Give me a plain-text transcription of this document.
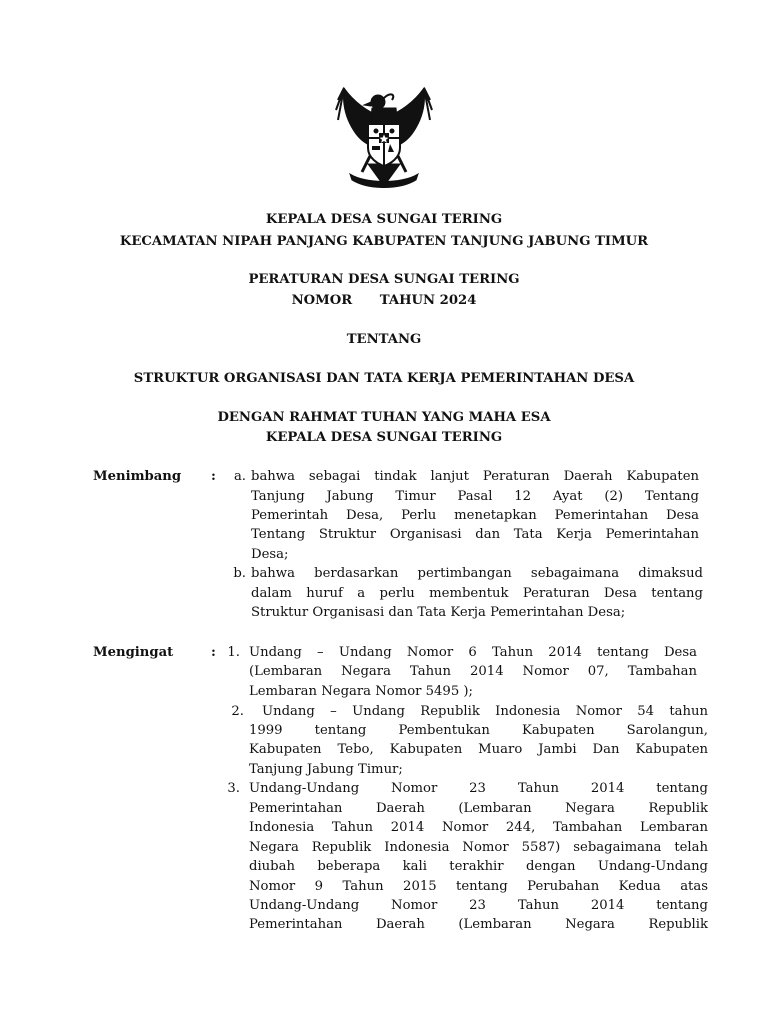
KEPALA DESA SUNGAI TERING
KECAMATAN NIPAH PANJANG KABUPATEN TANJUNG JABUNG TIMUR
PERATURAN DESA SUNGAI TERING
NOMOR      TAHUN 2024
TENTANG
STRUKTUR ORGANISASI DAN TATA KERJA PEMERINTAHAN DESA
DENGAN RAHMAT TUHAN YANG MAHA ESA
KEPALA DESA SUNGAI TERING
Menimbang :	a. bahwa sebagai tindak lanjut Peraturan Daerah Kabupaten
Tanjung Jabung Timur Pasal 12 Ayat (2) Tentang
Pemerintah Desa, Perlu menetapkan Pemerintahan Desa
Tentang Struktur Organisasi dan Tata Kerja Pemerintahan
Desa;
b. bahwa berdasarkan pertimbangan sebagaimana dimaksud
dalam huruf a perlu membentuk Peraturan Desa tentang
Struktur Organisasi dan Tata Kerja Pemerintahan Desa;
Mengingat	: 1. Undang – Undang Nomor 6 Tahun 2014 tentang Desa
(Lembaran Negara Tahun 2014 Nomor 07, Tambahan
Lembaran Negara Nomor 5495 );
2. Undang – Undang Republik Indonesia Nomor 54 tahun
1999 tentang Pembentukan Kabupaten Sarolangun,
Kabupaten Tebo, Kabupaten Muaro Jambi Dan Kabupaten
Tanjung Jabung Timur;
3. Undang-Undang Nomor 23 Tahun 2014 tentang
Pemerintahan Daerah (Lembaran Negara Republik
Indonesia Tahun 2014 Nomor 244, Tambahan Lembaran
Negara Republik Indonesia Nomor 5587) sebagaimana telah
diubah beberapa kali terakhir dengan Undang-Undang
Nomor 9 Tahun 2015 tentang Perubahan Kedua atas
Undang-Undang Nomor 23 Tahun 2014 tentang
Pemerintahan Daerah (Lembaran Negara Republik
